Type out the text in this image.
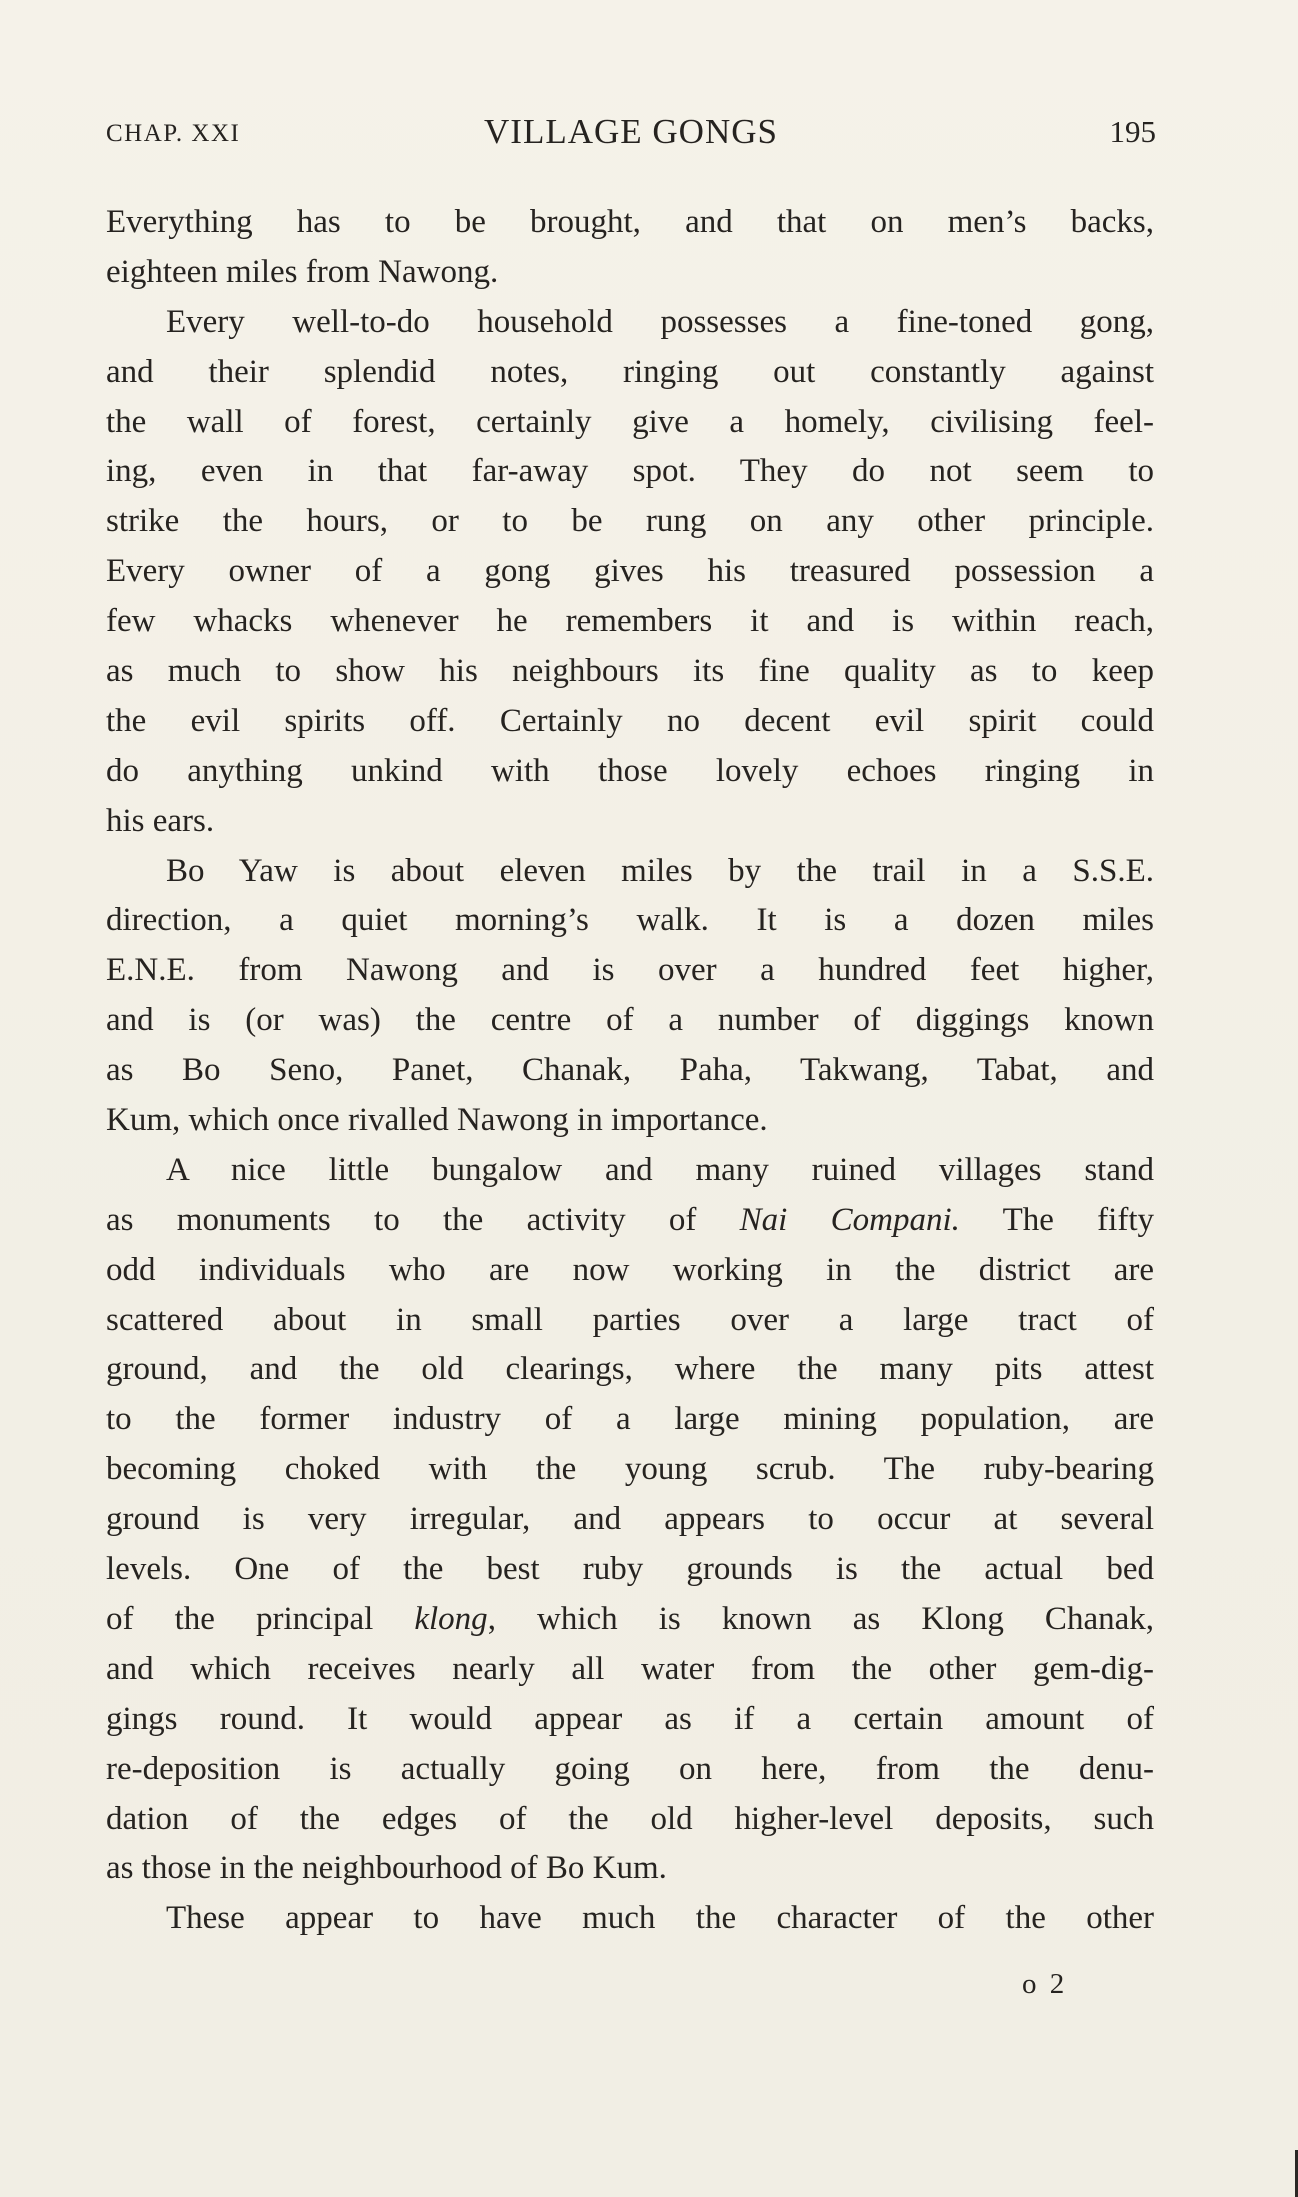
CHAP. XXI	VILLAGE GONGS	195
Everything has to be brought, and that on men’s backs,
eighteen miles from Nawong.
Every well-to-do household possesses a fine-toned gong,
and their splendid notes, ringing out constantly against
the wall of forest, certainly give a homely, civilising feel-
ing, even in that far-away spot. They do not seem to
strike the hours, or to be rung on any other principle.
Every owner of a gong gives his treasured possession a
few whacks whenever he remembers it and is within reach,
as much to show his neighbours its fine quality as to keep
the evil spirits off. Certainly no decent evil spirit could
do anything unkind with those lovely echoes ringing in
his ears.
Bo Yaw is about eleven miles by the trail in a S.S.E.
direction, a quiet morning’s walk. It is a dozen miles
E.N.E. from Nawong and is over a hundred feet higher,
and is (or was) the centre of a number of diggings known
as Bo Seno, Panet, Chanak, Paha, Takwang, Tabat, and
Kum, which once rivalled Nawong in importance.
A nice little bungalow and many ruined villages stand
as monuments to the activity of Nai Compani. The fifty
odd individuals who are now working in the district are
scattered about in small parties over a large tract of
ground, and the old clearings, where the many pits attest
to the former industry of a large mining population, are
becoming choked with the young scrub. The ruby-bearing
ground is very irregular, and appears to occur at several
levels. One of the best ruby grounds is the actual bed
of the principal klong, which is known as Klong Chanak,
and which receives nearly all water from the other gem-dig-
gings round. It would appear as if a certain amount of
re-deposition is actually going on here, from the denu-
dation of the edges of the old higher-level deposits, such
as those in the neighbourhood of Bo Kum.
These appear to have much the character of the other
o 2
